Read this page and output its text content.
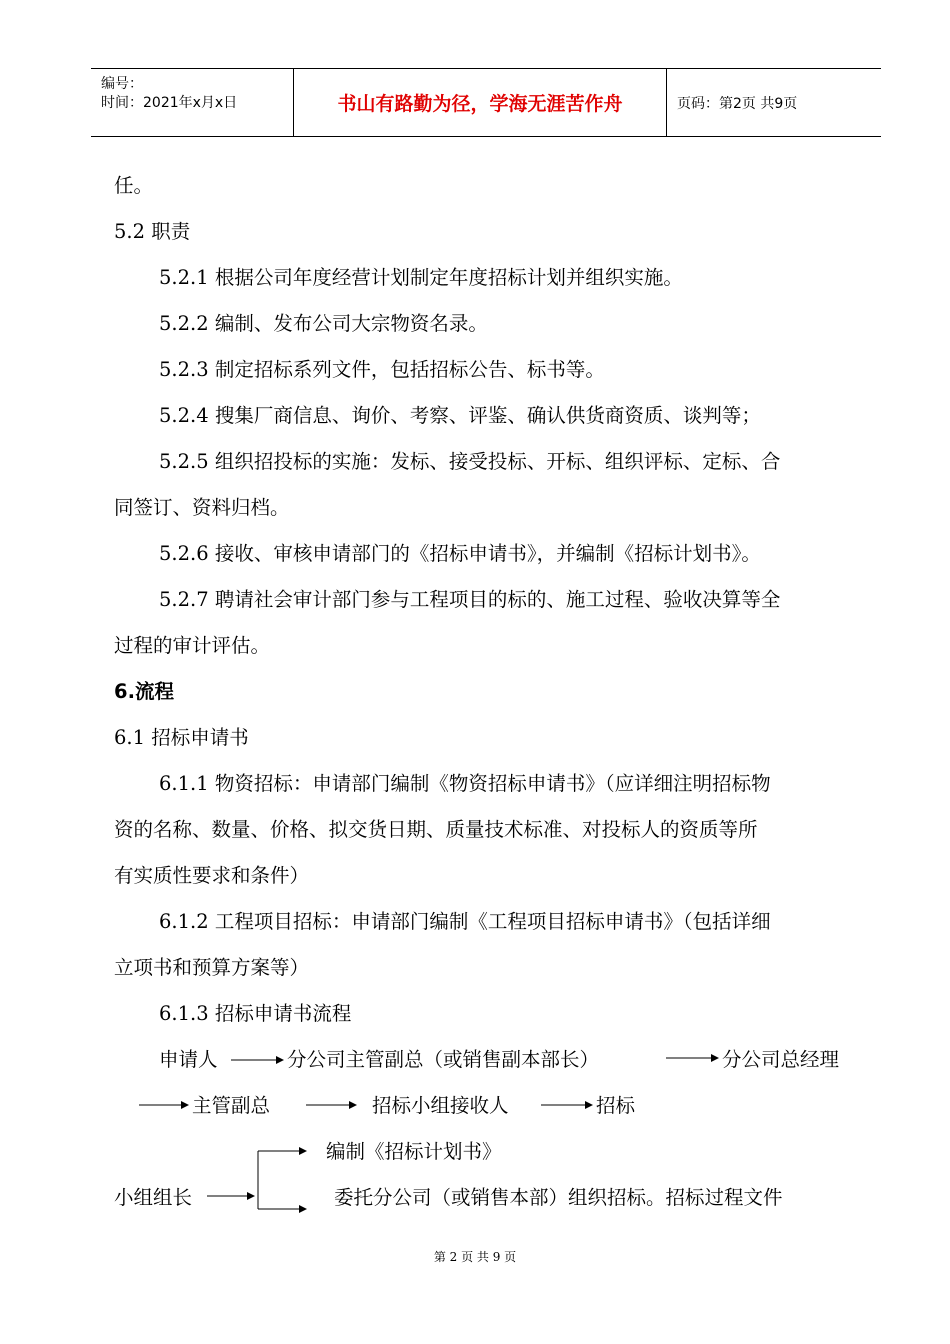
编号：
时间：2021年x月x日	书山有路勤为径，学海无涯苦作舟	页码：第2页 共9页
任。
5.2 职责
5.2.1 根据公司年度经营计划制定年度招标计划并组织实施。
5.2.2 编制、发布公司大宗物资名录。
5.2.3 制定招标系列文件，包括招标公告、标书等。
5.2.4 搜集厂商信息、询价、考察、评鉴、确认供货商资质、谈判等；
5.2.5 组织招投标的实施：发标、接受投标、开标、组织评标、定标、合
同签订、资料归档。
5.2.6 接收、审核申请部门的《招标申请书》，并编制《招标计划书》。
5.2.7 聘请社会审计部门参与工程项目的标的、施工过程、验收决算等全
过程的审计评估。
6.流程
6.1 招标申请书
6.1.1 物资招标：申请部门编制《物资招标申请书》（应详细注明招标物
资的名称、数量、价格、拟交货日期、质量技术标准、对投标人的资质等所
有实质性要求和条件）
6.1.2 工程项目招标：申请部门编制《工程项目招标申请书》（包括详细
立项书和预算方案等）
6.1.3 招标申请书流程
申请人	分公司主管副总（或销售副本部长）	分公司总经理
主管副总	招标小组接收人	招标
编制《招标计划书》
小组组长	委托分公司（或销售本部）组织招标。招标过程文件
第 2 页 共 9 页
